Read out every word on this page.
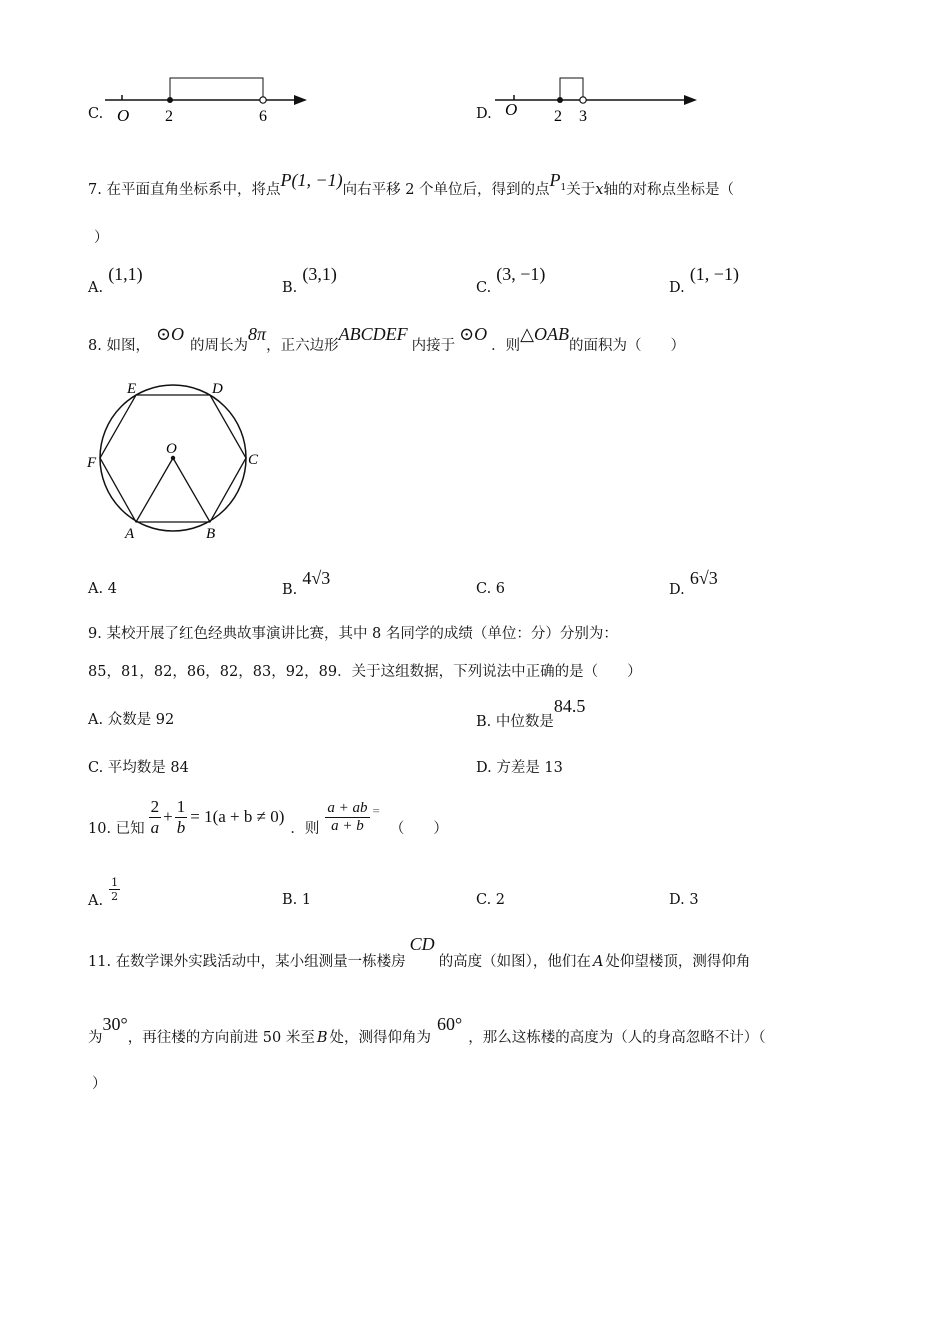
C. O 2	6	D. O 2 3
7. 在平面直角坐标系中，将点P(1, −1)向右平移 2 个单位后，得到的点$P^1$关于x轴的对称点坐标是（
）
A. (1,1)
B. (3,1)
C. (3, −1)
D. (1, −1)
8. 如图，⊙O的周长为8π，正六边形ABCDEF内接于⊙O．则△OAB的面积为（　　）
E	D
F	C
O
A	B
A. 4	B. 4√3
C. 6	D. 6√3
9. 某校开展了红色经典故事演讲比赛，其中 8 名同学的成绩（单位：分）分别为：
85，81，82，86，82，83，92，89．关于这组数据，下列说法中正确的是（　　）
A. 众数是 92	B. 中位数是84.5
C. 平均数是 84	D. 方差是 13
10. 已知 $\frac{2}{a} + \frac{1}{b} = 1(a + b \ne 0)$
．则 $\frac{a + ab}{a + b}$ =
（　　）
A. $\frac{1}{2}$	B. 1	C. 2	D. 3
11. 在数学课外实践活动中，某小组测量一栋楼房CD的高度（如图），他们在 A 处仰望楼顶，测得仰角
为30°，再往楼的方向前进 50 米至 B 处，测得仰角为60°，那么这栋楼的高度为（人的身高忽略不计）（
）
